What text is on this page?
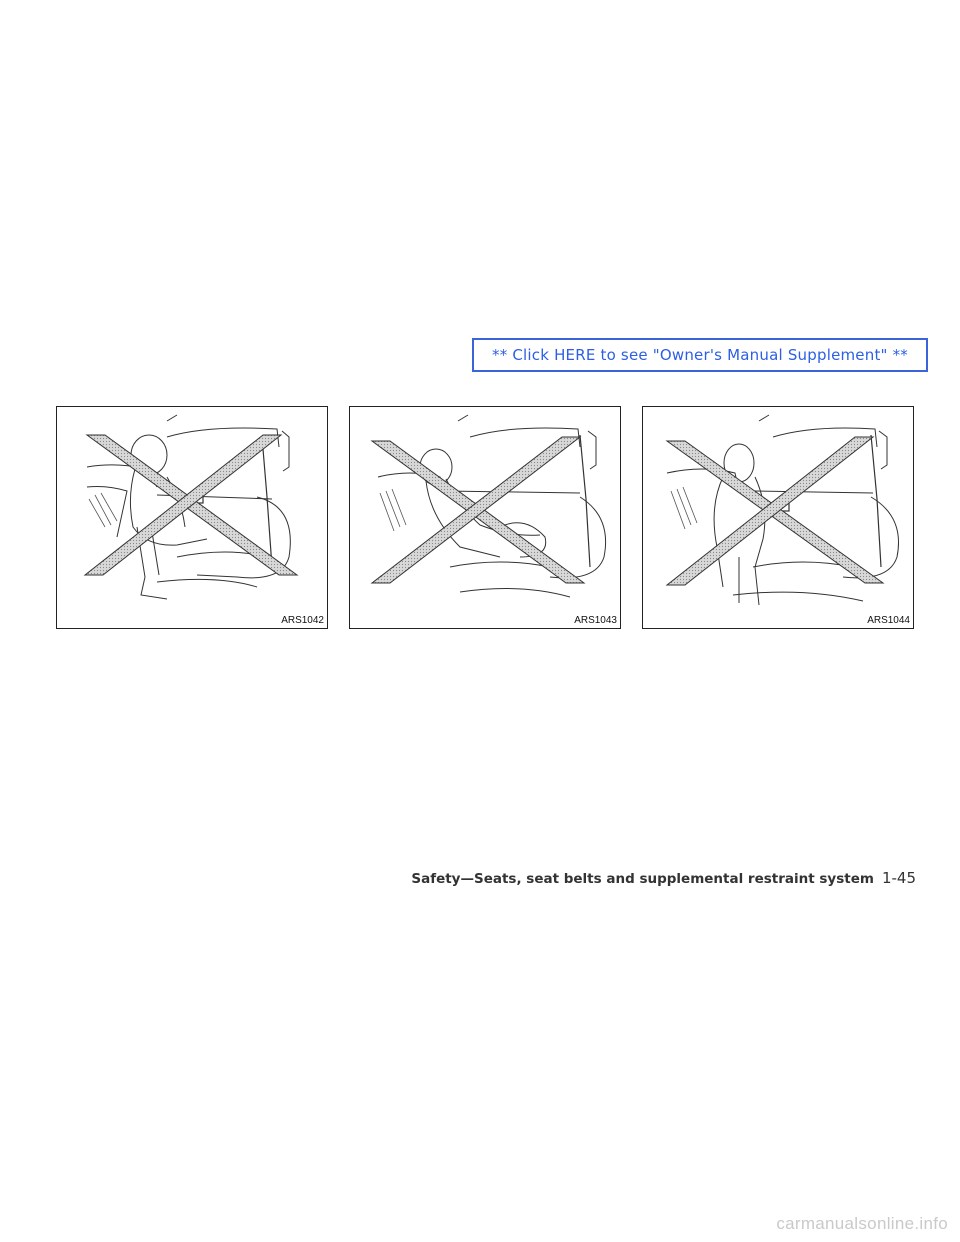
** Click HERE to see "Owner's Manual Supplement" **
ARS1042	ARS1043	ARS1044
Safety—Seats, seat belts and supplemental restraint system 1-45
carmanualsonline.info
